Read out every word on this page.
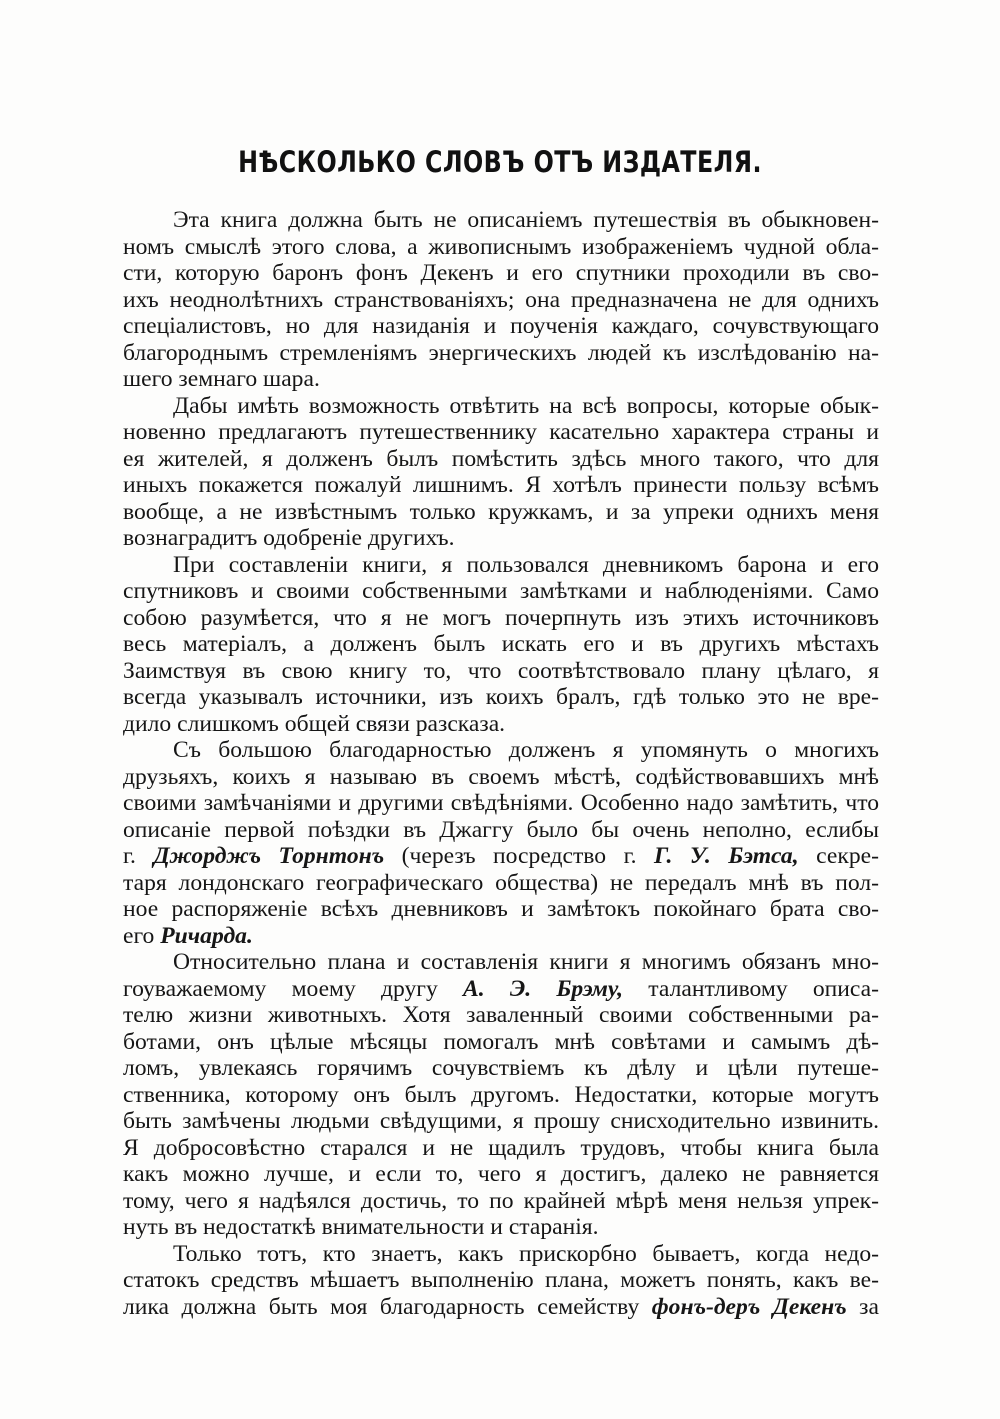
НѢСКОЛЬКО СЛОВЪ ОТЪ ИЗДАТЕЛЯ.
Эта книга должна быть не описаніемъ путешествія въ обыкновен-
номъ смыслѣ этого слова, а живописнымъ изображеніемъ чудной обла-
сти, которую баронъ фонъ Декенъ и его спутники проходили въ сво-
ихъ неоднолѣтнихъ странствованіяхъ; она предназначена не для однихъ
спеціалистовъ, но для назиданія и поученія каждаго, сочувствующаго
благороднымъ стремленіямъ энергическихъ людей къ изслѣдованію на-
шего земнаго шара.
Дабы имѣть возможность отвѣтить на всѣ вопросы, которые обык-
новенно предлагаютъ путешественнику касательно характера страны и
ея жителей, я долженъ былъ помѣстить здѣсь много такого, что для
иныхъ покажется пожалуй лишнимъ. Я хотѣлъ принести пользу всѣмъ
вообще, а не извѣстнымъ только кружкамъ, и за упреки однихъ меня
вознаградитъ одобреніе другихъ.
При составленіи книги, я пользовался дневникомъ барона и его
спутниковъ и своими собственными замѣтками и наблюденіями. Само
собою разумѣется, что я не могъ почерпнуть изъ этихъ источниковъ
весь матеріалъ, а долженъ былъ искать его и въ другихъ мѣстахъ
Заимствуя въ свою книгу то, что соотвѣтствовало плану цѣлаго, я
всегда указывалъ источники, изъ коихъ бралъ, гдѣ только это не вре-
дило слишкомъ общей связи разсказа.
Съ большою благодарностью долженъ я упомянуть о многихъ
друзьяхъ, коихъ я называю въ своемъ мѣстѣ, содѣйствовавшихъ мнѣ
своими замѣчаніями и другими свѣдѣніями. Особенно надо замѣтить, что
описаніе первой поѣздки въ Джаггу было бы очень неполно, еслибы
г. Джорджъ Торнтонъ (черезъ посредство г. Г. У. Бэтса, секре-
таря лондонскаго географическаго общества) не передалъ мнѣ въ пол-
ное распоряженіе всѣхъ дневниковъ и замѣтокъ покойнаго брата сво-
его Ричарда.
Относительно плана и составленія книги я многимъ обязанъ мно-
гоуважаемому моему другу А. Э. Брэму, талантливому описа-
телю жизни животныхъ. Хотя заваленный своими собственными ра-
ботами, онъ цѣлые мѣсяцы помогалъ мнѣ совѣтами и самымъ дѣ-
ломъ, увлекаясь горячимъ сочувствіемъ къ дѣлу и цѣли путеше-
ственника, которому онъ былъ другомъ. Недостатки, которые могутъ
быть замѣчены людьми свѣдущими, я прошу снисходительно извинить.
Я добросовѣстно старался и не щадилъ трудовъ, чтобы книга была
какъ можно лучше, и если то, чего я достигъ, далеко не равняется
тому, чего я надѣялся достичь, то по крайней мѣрѣ меня нельзя упрек-
нуть въ недостаткѣ внимательности и старанія.
Только тотъ, кто знаетъ, какъ прискорбно бываетъ, когда недо-
статокъ средствъ мѣшаетъ выполненію плана, можетъ понять, какъ ве-
лика должна быть моя благодарность семейству фонъ-деръ Декенъ за
